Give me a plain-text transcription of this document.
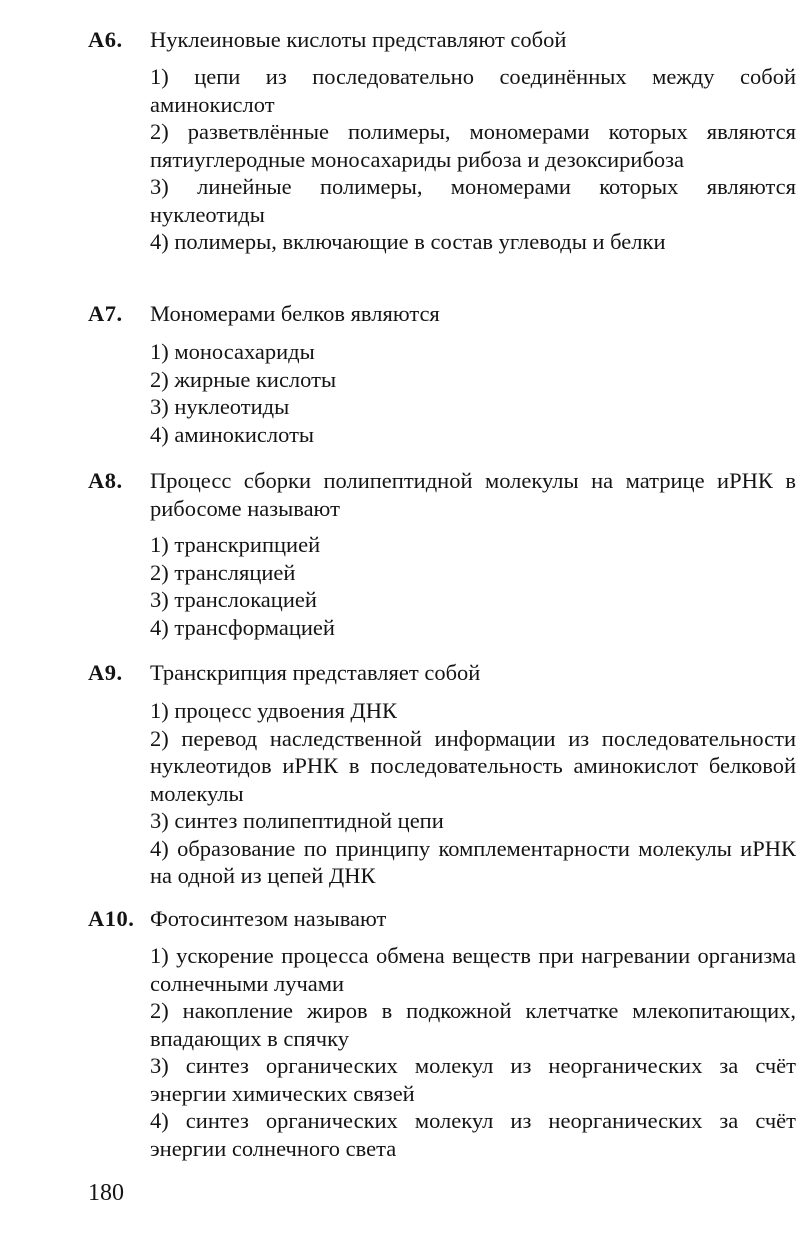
А6. Нуклеиновые кислоты представляют собой
1) цепи из последовательно соединённых между собой аминокислот
2) разветвлённые полимеры, мономерами которых являются пятиуглеродные моносахариды рибоза и дезоксирибоза
3) линейные полимеры, мономерами которых являются нуклеотиды
4) полимеры, включающие в состав углеводы и белки
А7. Мономерами белков являются
1) моносахариды
2) жирные кислоты
3) нуклеотиды
4) аминокислоты
А8. Процесс сборки полипептидной молекулы на матрице иРНК в рибосоме называют
1) транскрипцией
2) трансляцией
3) транслокацией
4) трансформацией
А9. Транскрипция представляет собой
1) процесс удвоения ДНК
2) перевод наследственной информации из последовательности нуклеотидов иРНК в последовательность аминокислот белковой молекулы
3) синтез полипептидной цепи
4) образование по принципу комплементарности молекулы иРНК на одной из цепей ДНК
А10. Фотосинтезом называют
1) ускорение процесса обмена веществ при нагревании организма солнечными лучами
2) накопление жиров в подкожной клетчатке млекопитающих, впадающих в спячку
3) синтез органических молекул из неорганических за счёт энергии химических связей
4) синтез органических молекул из неорганических за счёт энергии солнечного света
180
